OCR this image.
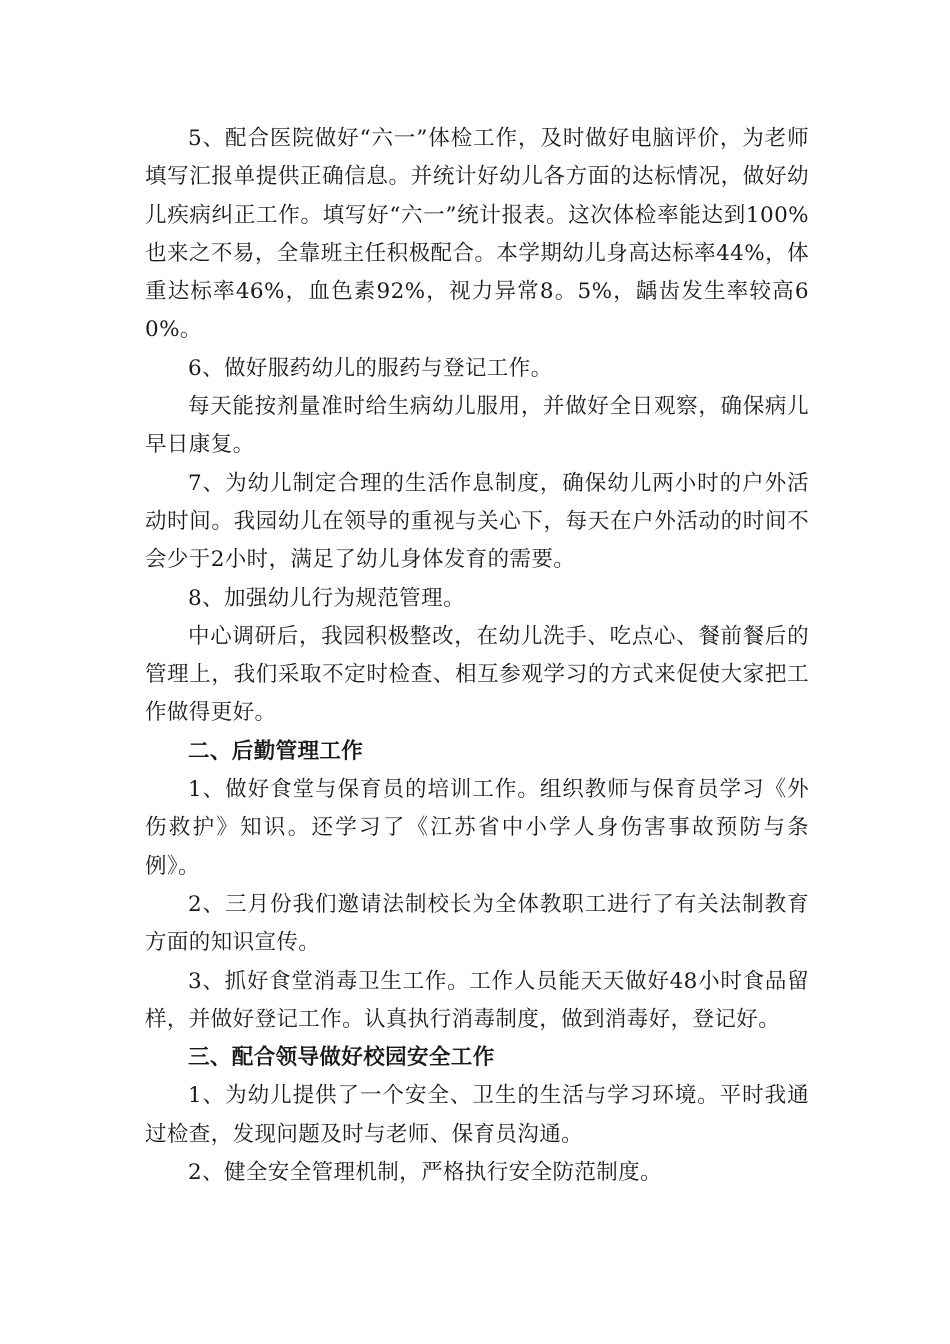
5、配合医院做好“六一”体检工作，及时做好电脑评价，为老师填写汇报单提供正确信息。并统计好幼儿各方面的达标情况，做好幼儿疾病纠正工作。填写好“六一”统计报表。这次体检率能达到100%也来之不易，全靠班主任积极配合。本学期幼儿身高达标率44%，体重达标率46%，血色素92%，视力异常8。5%，龋齿发生率较高60%。

6、做好服药幼儿的服药与登记工作。

每天能按剂量准时给生病幼儿服用，并做好全日观察，确保病儿早日康复。

7、为幼儿制定合理的生活作息制度，确保幼儿两小时的户外活动时间。我园幼儿在领导的重视与关心下，每天在户外活动的时间不会少于2小时，满足了幼儿身体发育的需要。

8、加强幼儿行为规范管理。

中心调研后，我园积极整改，在幼儿洗手、吃点心、餐前餐后的管理上，我们采取不定时检查、相互参观学习的方式来促使大家把工作做得更好。

二、后勤管理工作

1、做好食堂与保育员的培训工作。组织教师与保育员学习《外伤救护》知识。还学习了《江苏省中小学人身伤害事故预防与条例》。

2、三月份我们邀请法制校长为全体教职工进行了有关法制教育方面的知识宣传。

3、抓好食堂消毒卫生工作。工作人员能天天做好48小时食品留样，并做好登记工作。认真执行消毒制度，做到消毒好，登记好。

三、配合领导做好校园安全工作

1、为幼儿提供了一个安全、卫生的生活与学习环境。平时我通过检查，发现问题及时与老师、保育员沟通。

2、健全安全管理机制，严格执行安全防范制度。
